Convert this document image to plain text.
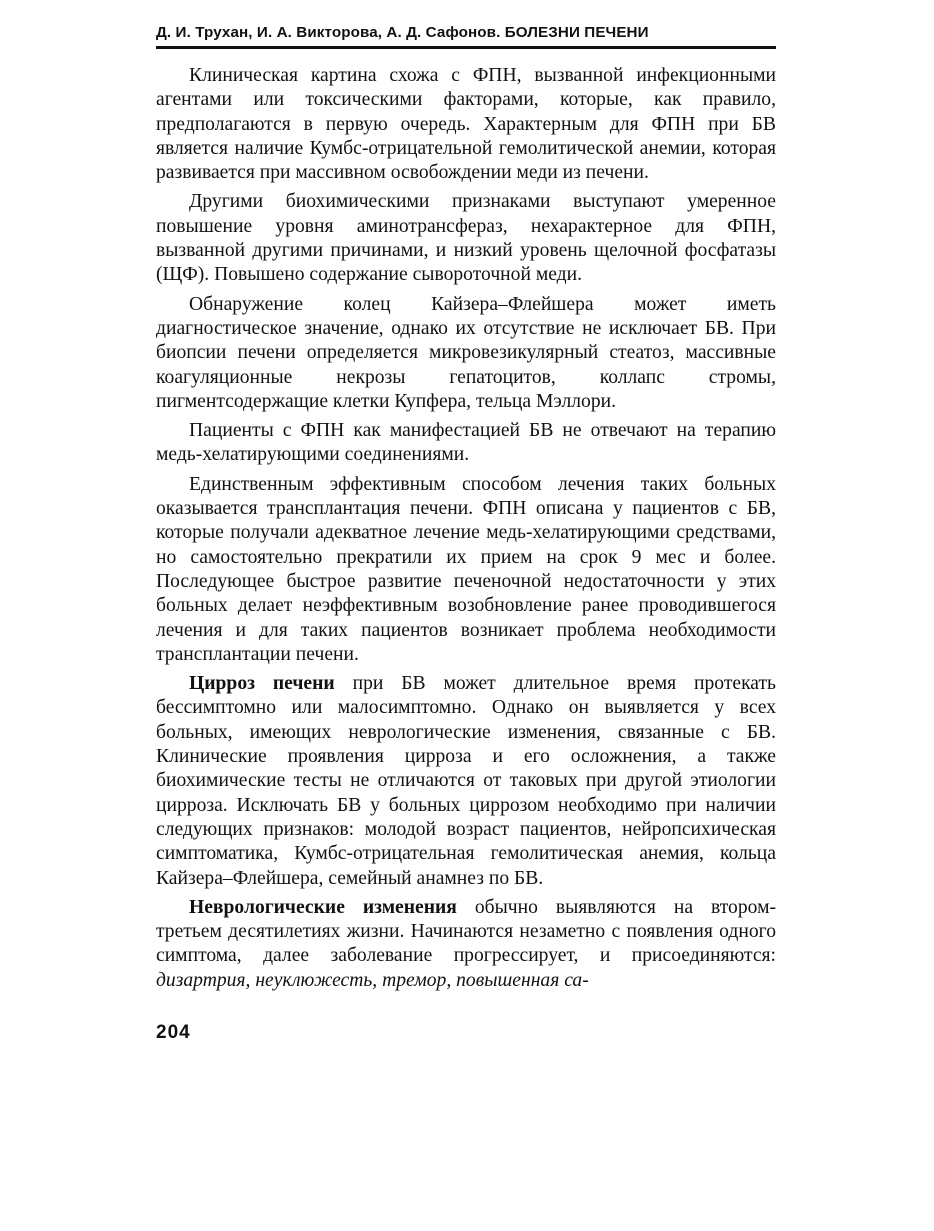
Д. И. Трухан, И. А. Викторова, А. Д. Сафонов. БОЛЕЗНИ ПЕЧЕНИ

Клиническая картина схожа с ФПН, вызванной инфекционными агентами или токсическими факторами, которые, как правило, предполагаются в первую очередь. Характерным для ФПН при БВ является наличие Кумбс-отрицательной гемолитической анемии, которая развивается при массивном освобождении меди из печени.

Другими биохимическими признаками выступают умеренное повышение уровня аминотрансфераз, нехарактерное для ФПН, вызванной другими причинами, и низкий уровень щелочной фосфатазы (ЩФ). Повышено содержание сывороточной меди.

Обнаружение колец Кайзера–Флейшера может иметь диагностическое значение, однако их отсутствие не исключает БВ. При биопсии печени определяется микровезикулярный стеатоз, массивные коагуляционные некрозы гепатоцитов, коллапс стромы, пигментсодержащие клетки Купфера, тельца Мэллори.

Пациенты с ФПН как манифестацией БВ не отвечают на терапию медь-хелатирующими соединениями.

Единственным эффективным способом лечения таких больных оказывается трансплантация печени. ФПН описана у пациентов с БВ, которые получали адекватное лечение медь-хелатирующими средствами, но самостоятельно прекратили их прием на срок 9 мес и более. Последующее быстрое развитие печеночной недостаточности у этих больных делает неэффективным возобновление ранее проводившегося лечения и для таких пациентов возникает проблема необходимости трансплантации печени.

Цирроз печени при БВ может длительное время протекать бессимптомно или малосимптомно. Однако он выявляется у всех больных, имеющих неврологические изменения, связанные с БВ. Клинические проявления цирроза и его осложнения, а также биохимические тесты не отличаются от таковых при другой этиологии цирроза. Исключать БВ у больных циррозом необходимо при наличии следующих признаков: молодой возраст пациентов, нейропсихическая симптоматика, Кумбс-отрицательная гемолитическая анемия, кольца Кайзера–Флейшера, семейный анамнез по БВ.

Неврологические изменения обычно выявляются на втором-третьем десятилетиях жизни. Начинаются незаметно с появления одного симптома, далее заболевание прогрессирует, и присоединяются: дизартрия, неуклюжесть, тремор, повышенная са-

204
